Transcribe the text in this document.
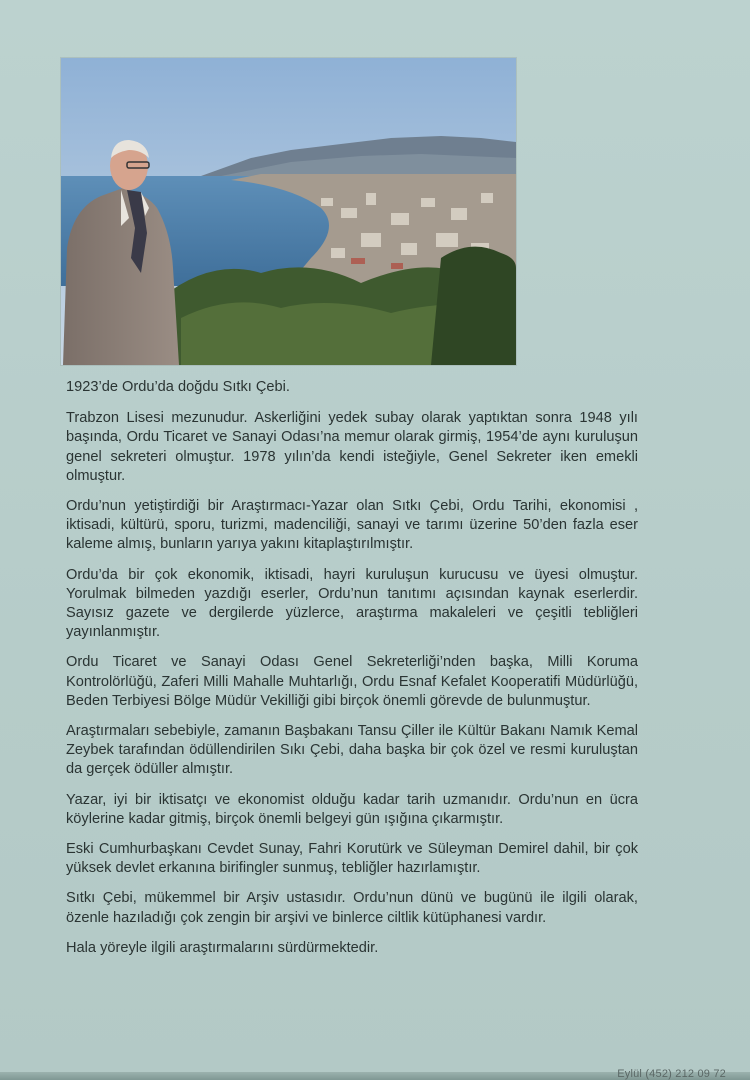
1923’de Ordu’da doğdu Sıtkı Çebi.

Trabzon Lisesi mezunudur. Askerliğini yedek subay olarak yaptıktan sonra 1948 yılı başında, Ordu Ticaret ve Sanayi Odası’na memur olarak girmiş, 1954’de aynı kuruluşun genel sekreteri olmuştur. 1978 yılın’da kendi isteğiyle, Genel Sekreter iken emekli olmuştur.

Ordu’nun yetiştirdiği bir Araştırmacı-Yazar olan Sıtkı Çebi, Ordu Tarihi, ekonomisi , iktisadi, kültürü, sporu, turizmi, madenciliği, sanayi ve tarımı üzerine 50’den fazla eser kaleme almış, bunların yarıya yakını kitaplaştırılmıştır.

Ordu’da bir çok ekonomik, iktisadi, hayri kuruluşun kurucusu ve üyesi olmuştur. Yorulmak bilmeden yazdığı eserler, Ordu’nun tanıtımı açısından kaynak eserlerdir. Sayısız gazete ve dergilerde yüzlerce, araştırma makaleleri ve çeşitli tebliğleri yayınlanmıştır.

Ordu Ticaret ve Sanayi Odası Genel Sekreterliği’nden başka, Milli Koruma Kontrolörlüğü, Zaferi Milli Mahalle Muhtarlığı, Ordu Esnaf Kefalet Kooperatifi Müdürlüğü, Beden Terbiyesi Bölge Müdür Vekilliği gibi birçok önemli görevde de bulunmuştur.

Araştırmaları sebebiyle, zamanın Başbakanı Tansu Çiller ile Kültür Bakanı Namık Kemal Zeybek tarafından ödüllendirilen Sıkı Çebi, daha başka bir çok özel ve resmi kuruluştan da gerçek ödüller almıştır.

Yazar, iyi bir iktisatçı ve ekonomist olduğu kadar tarih uzmanıdır. Ordu’nun en ücra köylerine kadar gitmiş, birçok önemli belgeyi gün ışığına çıkarmıştır.

Eski Cumhurbaşkanı Cevdet Sunay, Fahri Korutürk ve Süleyman Demirel dahil, bir çok yüksek devlet erkanına birifingler sunmuş, tebliğler hazırlamıştır.

Sıtkı Çebi, mükemmel bir Arşiv ustasıdır. Ordu’nun dünü ve bugünü ile ilgili olarak, özenle hazıladığı çok zengin bir arşivi ve binlerce ciltlik kütüphanesi vardır.

Hala yöreyle ilgili araştırmalarını sürdürmektedir.

Eylül (452) 212 09 72
